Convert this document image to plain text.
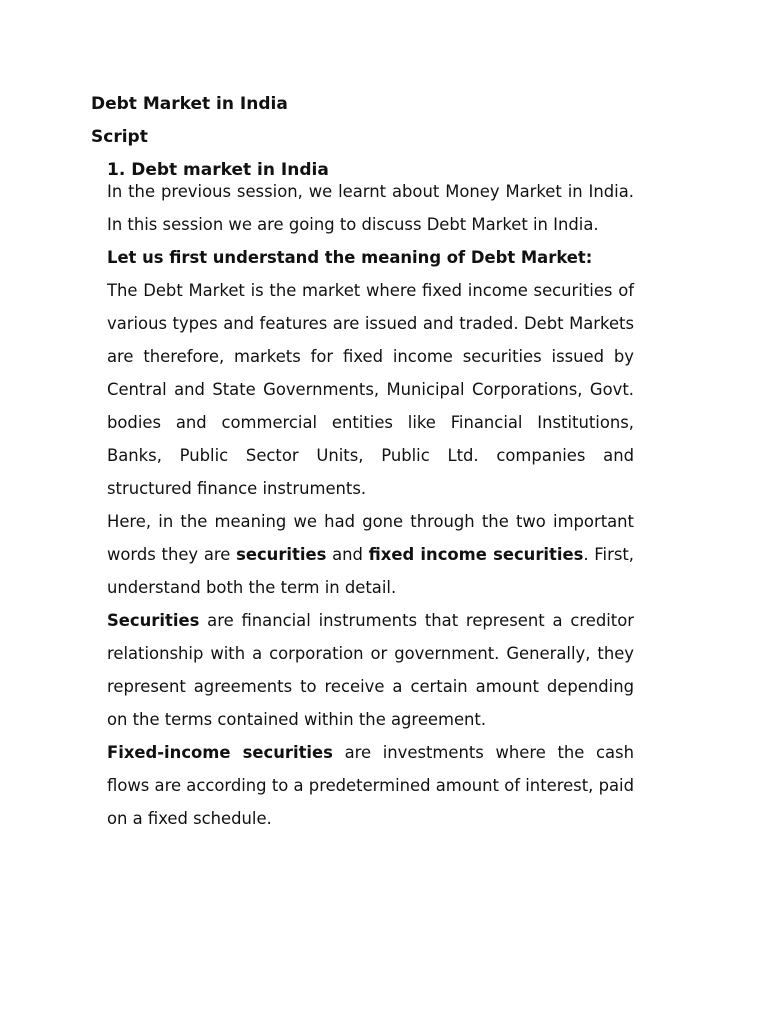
Debt Market in India
Script
1. Debt market in India

In the previous session, we learnt about Money Market in India. In this session we are going to discuss Debt Market in India.

Let us first understand the meaning of Debt Market:

The Debt Market is the market where fixed income securities of various types and features are issued and traded. Debt Markets are therefore, markets for fixed income securities issued by Central and State Governments, Municipal Corporations, Govt. bodies and commercial entities like Financial Institutions, Banks, Public Sector Units, Public Ltd. companies and structured finance instruments.

Here, in the meaning we had gone through the two important words they are securities and fixed income securities. First, understand both the term in detail.

Securities are financial instruments that represent a creditor relationship with a corporation or government. Generally, they represent agreements to receive a certain amount depending on the terms contained within the agreement.

Fixed-income securities are investments where the cash flows are according to a predetermined amount of interest, paid on a fixed schedule.
